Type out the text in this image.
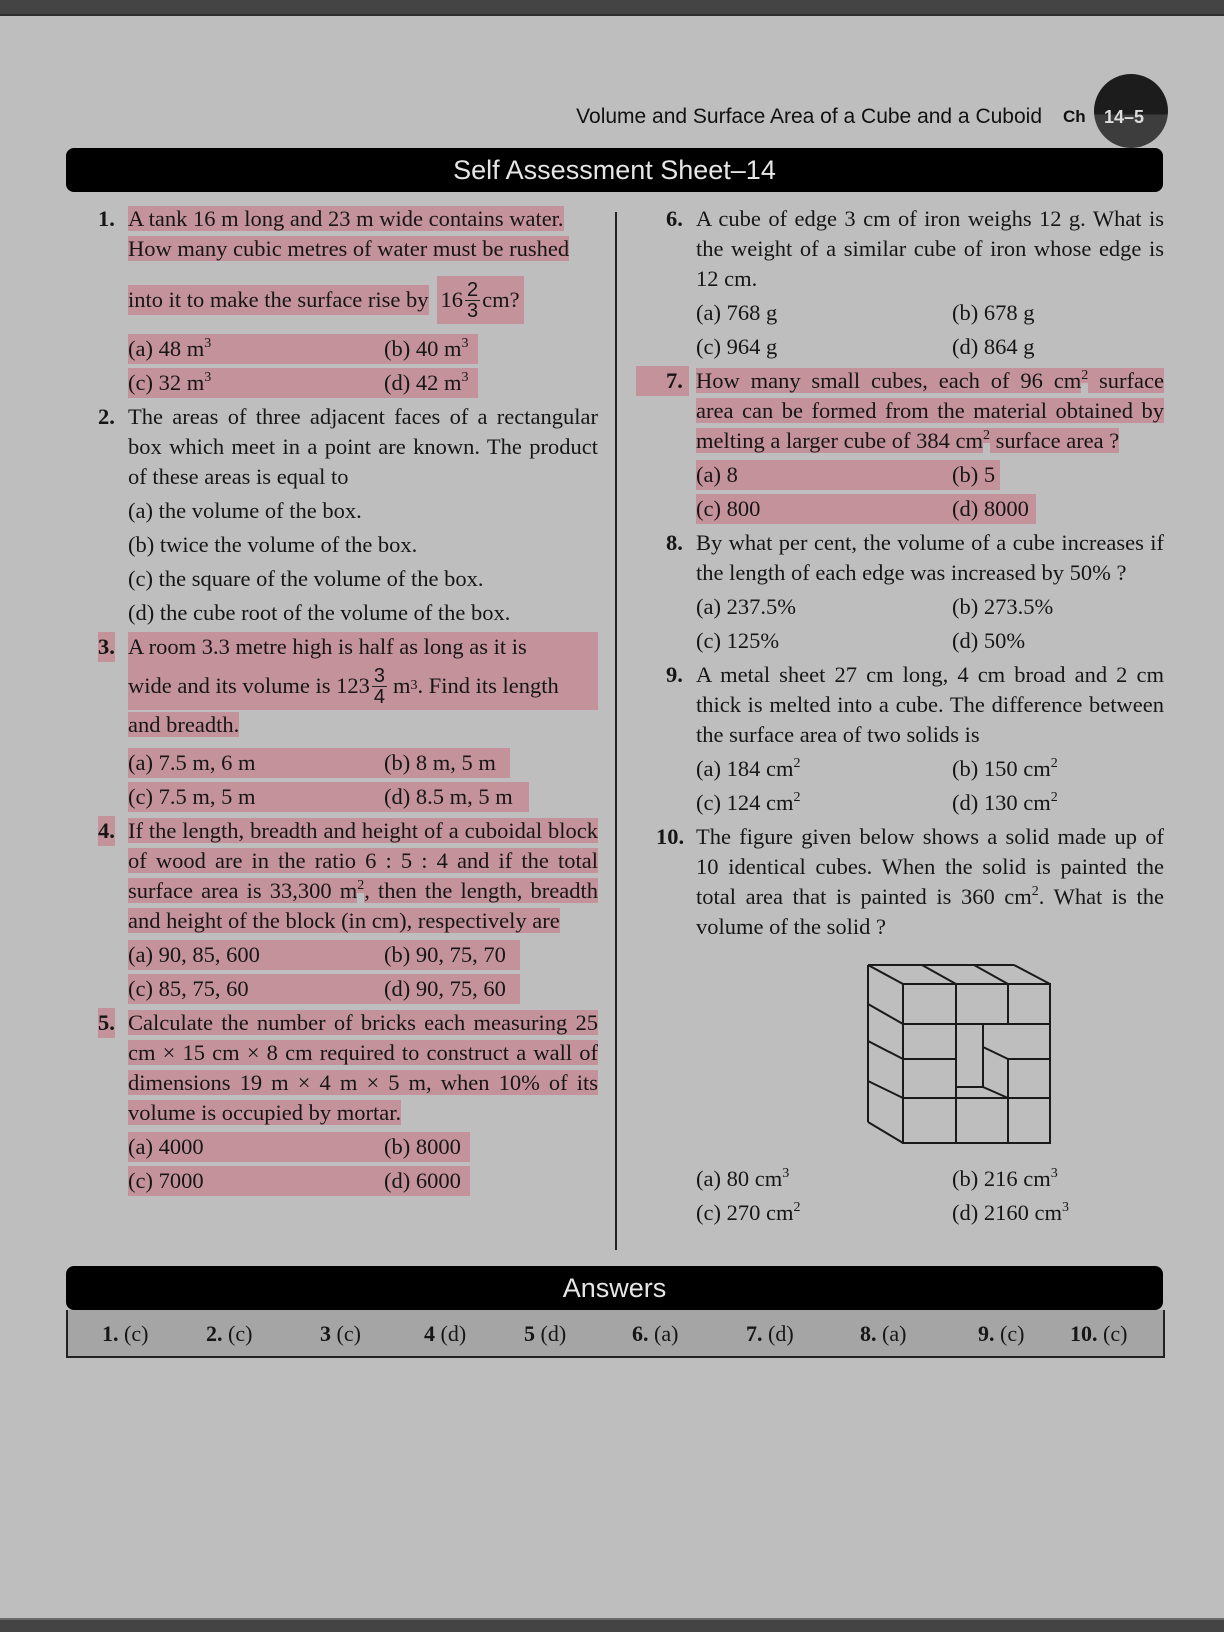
Volume and Surface Area of a Cube and a Cuboid Ch 14–5
Self Assessment Sheet–14
1. A tank 16 m long and 23 m wide contains water.
How many cubic metres of water must be rushed

into it to make the surface rise by $16 \frac{2}{3}$ cm?
(a) 48 $m^3$	(b) 40 $m^3$
(c) 32 $m^3$	(d) 42 $m^3$
2. The areas of three adjacent faces of a rectangular box which meet in a point are known. The product of these areas is equal to
(a) the volume of the box.
(b) twice the volume of the box.
(c) the square of the volume of the box.
(d) the cube root of the volume of the box.
3. A room 3.3 metre high is half as long as it is
wide and its volume is $123 \frac{3}{4}$ m 3 . Find its length
and breadth.
(a) 7.5 m, 6 m	(b) 8 m, 5 m
(c) 7.5 m, 5 m	(d) 8.5 m, 5 m
4. If the length, breadth and height of a cuboidal block of wood are in the ratio 6 : 5 : 4 and if the total surface area is 33,300 $m^2$, then the length, breadth and height of the block (in cm), respectively are
(a) 90, 85, 600	(b) 90, 75, 70
(c) 85, 75, 60	(d) 90, 75, 60
5. Calculate the number of bricks each measuring 25 cm × 15 cm × 8 cm required to construct a wall of dimensions 19 m × 4 m × 5 m, when 10% of its volume is occupied by mortar.
(a) 4000	(b) 8000
(c) 7000	(d) 6000
6. A cube of edge 3 cm of iron weighs 12 g. What is the weight of a similar cube of iron whose edge is 12 cm.
(a) 768 g	(b) 678 g
(c) 964 g	(d) 864 g
7. How many small cubes, each of 96 $cm^2$ surface area can be formed from the material obtained by melting a larger cube of 384 $cm^2$ surface area ?
(a) 8	(b) 5
(c) 800	(d) 8000
8. By what per cent, the volume of a cube increases if the length of each edge was increased by 50% ?
(a) 237.5%	(b) 273.5%
(c) 125%	(d) 50%
9. A metal sheet 27 cm long, 4 cm broad and 2 cm thick is melted into a cube. The difference between the surface area of two solids is
(a) 184 $cm^2$	(b) 150 $cm^2$
(c) 124 $cm^2$	(d) 130 $cm^2$
10. The figure given below shows a solid made up of 10 identical cubes. When the solid is painted the total area that is painted is 360 $cm^2$. What is the volume of the solid ?
(a) 80 $cm^3$	(b) 216 $cm^3$
(c) 270 $cm^2$	(d) 2160 $cm^3$
Answers
1. (c)	2. (c)	3 (c)	4 (d)	5 (d)	6. (a)	7. (d)	8. (a)	9. (c) 10. (c)
